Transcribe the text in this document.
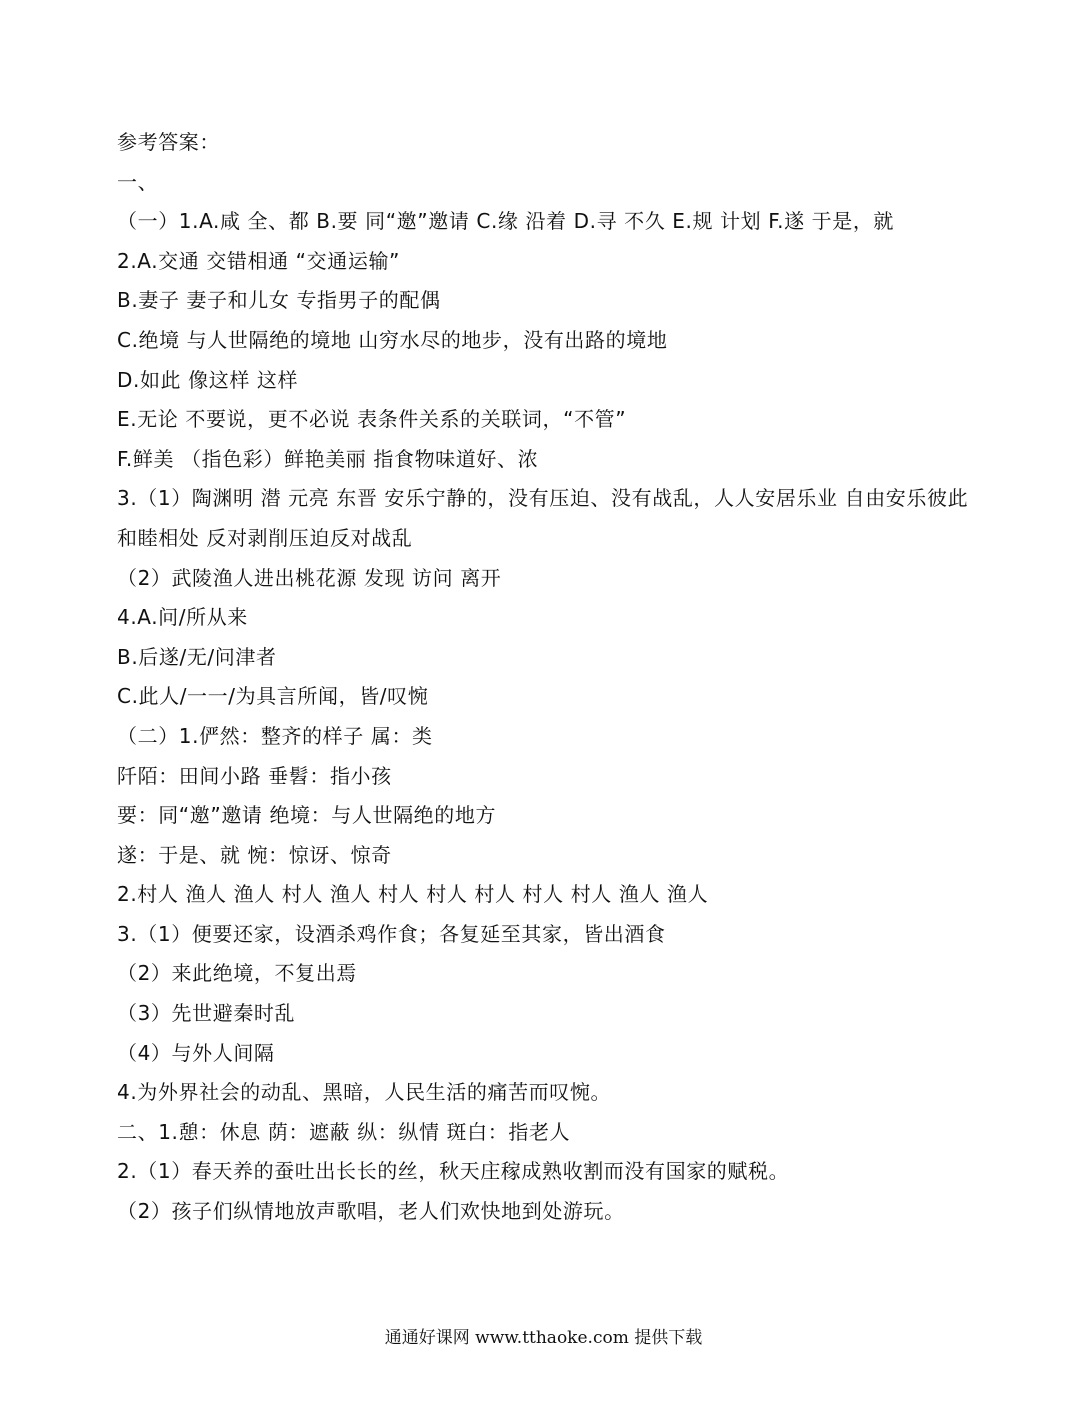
参考答案：
一、
（一）1.A.咸 全、都 B.要 同“邀”邀请 C.缘 沿着 D.寻 不久 E.规 计划 F.遂 于是，就
2.A.交通 交错相通 “交通运输”
B.妻子 妻子和儿女 专指男子的配偶
C.绝境 与人世隔绝的境地 山穷水尽的地步，没有出路的境地
D.如此 像这样 这样
E.无论 不要说，更不必说 表条件关系的关联词，“不管”
F.鲜美 （指色彩）鲜艳美丽 指食物味道好、浓
3.（1）陶渊明 潜 元亮 东晋 安乐宁静的，没有压迫、没有战乱，人人安居乐业 自由安乐彼此和睦相处 反对剥削压迫反对战乱
（2）武陵渔人进出桃花源 发现 访问 离开
4.A.问/所从来
B.后遂/无/问津者
C.此人/一一/为具言所闻，皆/叹惋
（二）1.俨然：整齐的样子 属：类
阡陌：田间小路 垂髫：指小孩
要：同“邀”邀请 绝境：与人世隔绝的地方
遂：于是、就 惋：惊讶、惊奇
2.村人 渔人 渔人 村人 渔人 村人 村人 村人 村人 村人 渔人 渔人
3.（1）便要还家，设酒杀鸡作食；各复延至其家，皆出酒食
（2）来此绝境，不复出焉
（3）先世避秦时乱
（4）与外人间隔
4.为外界社会的动乱、黑暗，人民生活的痛苦而叹惋。
二、1.憩：休息 荫：遮蔽 纵：纵情 斑白：指老人
2.（1）春天养的蚕吐出长长的丝，秋天庄稼成熟收割而没有国家的赋税。
（2）孩子们纵情地放声歌唱，老人们欢快地到处游玩。
通通好课网 www.tthaoke.com 提供下载
